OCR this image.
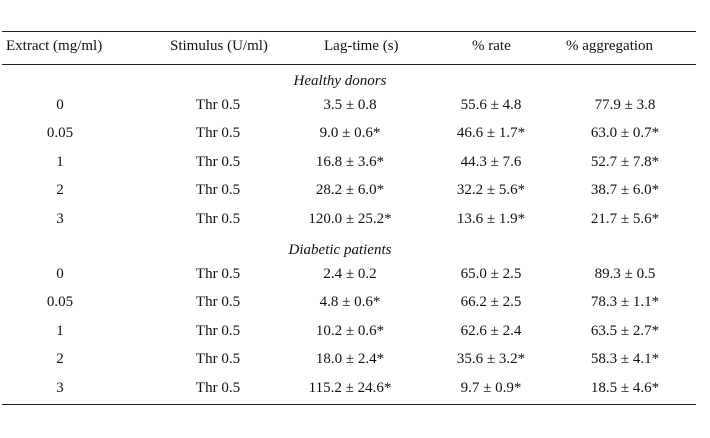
Extract (mg/ml)	Stimulus (U/ml)	Lag-time (s)	% rate	% aggregation
Healthy donors
0	Thr 0.5	3.5 ± 0.8	55.6 ± 4.8	77.9 ± 3.8
0.05	Thr 0.5	9.0 ± 0.6*	46.6 ± 1.7*	63.0 ± 0.7*
1	Thr 0.5	16.8 ± 3.6*	44.3 ± 7.6	52.7 ± 7.8*
2	Thr 0.5	28.2 ± 6.0*	32.2 ± 5.6*	38.7 ± 6.0*
3	Thr 0.5	120.0 ± 25.2*	13.6 ± 1.9*	21.7 ± 5.6*
Diabetic patients
0	Thr 0.5	2.4 ± 0.2	65.0 ± 2.5	89.3 ± 0.5
0.05	Thr 0.5	4.8 ± 0.6*	66.2 ± 2.5	78.3 ± 1.1*
1	Thr 0.5	10.2 ± 0.6*	62.6 ± 2.4	63.5 ± 2.7*
2	Thr 0.5	18.0 ± 2.4*	35.6 ± 3.2*	58.3 ± 4.1*
3	Thr 0.5	115.2 ± 24.6*	9.7 ± 0.9*	18.5 ± 4.6*
